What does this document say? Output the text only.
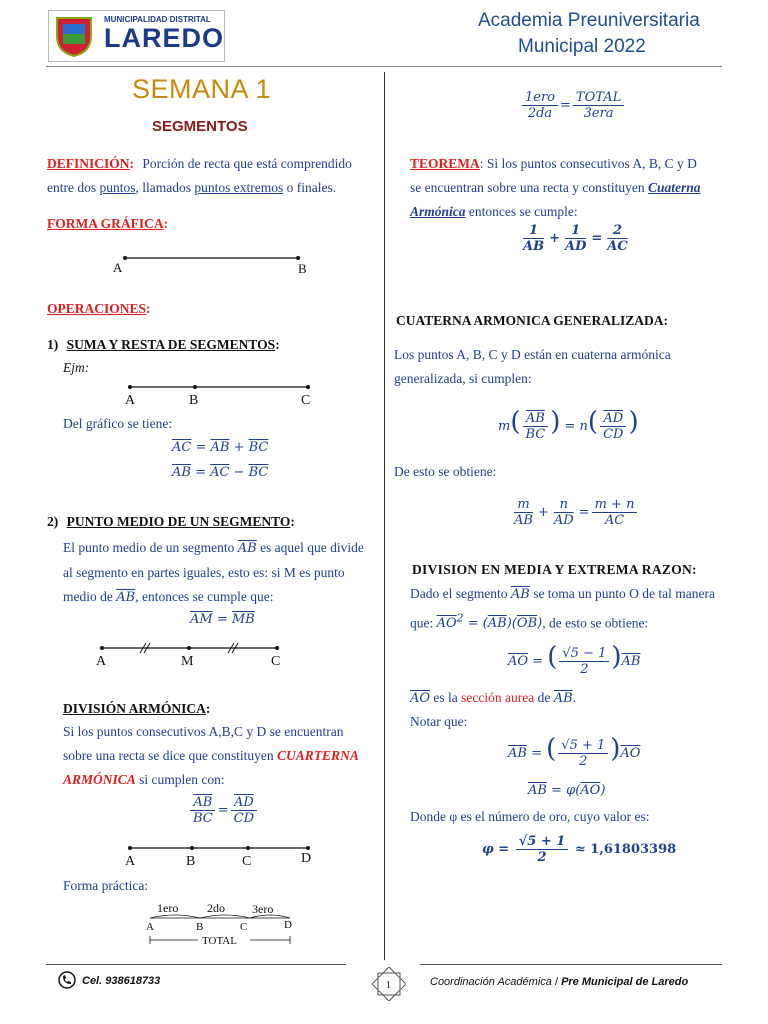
MUNICIPALIDAD DISTRITAL
LAREDO
Academia Preuniversitaria
Municipal 2022
SEMANA 1
SEGMENTOS
DEFINICIÓN: Porción de recta que está comprendido
entre dos puntos, llamados puntos extremos o finales.
FORMA GRÁFICA:
A	B
OPERACIONES:
1) SUMA Y RESTA DE SEGMENTOS:
Ejm:
A	B	C
Del gráfico se tiene:
$\overline{AC} = \overline{AB} + \overline{BC}$
$\overline{AB} = \overline{AC} - \overline{BC}$
2) PUNTO MEDIO DE UN SEGMENTO:
El punto medio de un segmento $\overline{AB}$ es aquel que divide
al segmento en partes iguales, esto es: si M es punto
medio de $\overline{AB}$, entonces se cumple que:
$\overline{AM} = \overline{MB}$
A	M	C
DIVISIÓN ARMÓNICA:
Si los puntos consecutivos A,B,C y D se encuentran
sobre una recta se dice que constituyen CUARTERNA
ARMÓNICA si cumplen con:
$\frac{\overline{AB}}{BC} = \frac{\overline{AD}}{CD}$
A	B	C	D
Forma práctica:
1ero 2do 3ero
A	B	C	D
TOTAL
$\frac{\text{1ero}}{2da} = \frac{\text{TOTAL}}{\text{3era}}$
TEOREMA: Si los puntos consecutivos A, B, C y D
se encuentran sobre una recta y constituyen Cuaterna
Armónica entonces se cumple:
$\frac{1}{AB} + \frac{1}{AD} = \frac{2}{AC}$
CUATERNA ARMONICA GENERALIZADA:
Los puntos A, B, C y D están en cuaterna armónica
generalizada, si cumplen:
$m( \frac{\overline{AB}}{BC}$ ) = $n( \frac{\overline{AD}}{CD}$ )
De esto se obtiene:
$\frac{m}{AB} + \frac{n}{AD} = \frac{m + n}{AC}$
DIVISION EN MEDIA Y EXTREMA RAZON:
Dado el segmento $\overline{AB}$ se toma un punto O de tal manera
que: $\overline{AO}^2 = (\overline{AB})(\overline{OB})$, de esto se obtiene:
$\overline{AO}$ = ( $\frac{√5 - 1}{2} )\overline{AB}$
$\overline{AO}$ es la sección aurea de $\overline{AB}$.
Notar que:
$\overline{AB}$ = ( $\frac{√5 + 1}{2} )\overline{AO}$
$\overline{AB} = \varphi(\overline{AO})$
Donde φ es el número de oro, cuyo valor es:
$\varphi = \frac{√5 + 1}{2} \approx 1,61803398$
Cel. 938618733	1	Coordinación Académica / Pre Municipal de Laredo
